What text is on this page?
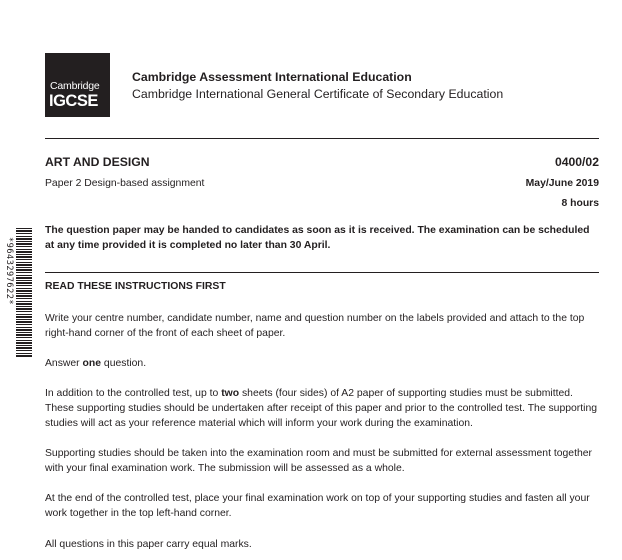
Cambridge
IGCSE
Cambridge Assessment International Education
Cambridge International General Certificate of Secondary Education
ART AND DESIGN	0400/02
Paper 2 Design-based assignment	May/June 2019
8 hours
The question paper may be handed to candidates as soon as it is received. The examination can be scheduled at any time provided it is completed no later than 30 April.
READ THESE INSTRUCTIONS FIRST
Write your centre number, candidate number, name and question number on the labels provided and attach to the top right-hand corner of the front of each sheet of paper.
Answer one question.
In addition to the controlled test, up to two sheets (four sides) of A2 paper of supporting studies must be submitted. These supporting studies should be undertaken after receipt of this paper and prior to the controlled test. The supporting studies will act as your reference material which will inform your work during the examination.
Supporting studies should be taken into the examination room and must be submitted for external assessment together with your final examination work. The submission will be assessed as a whole.
At the end of the controlled test, place your final examination work on top of your supporting studies and fasten all your work together in the top left-hand corner.
All questions in this paper carry equal marks.
*9643297622*
